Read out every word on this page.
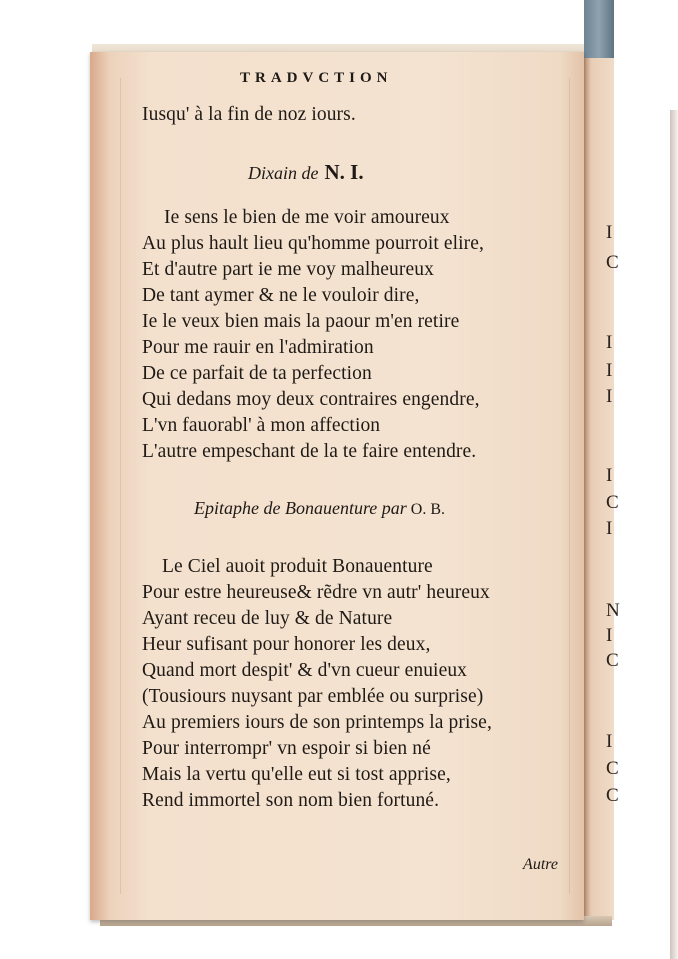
I
C
I
I
I
I
C
I
N
I
C
I
C
C
TRADVCTION
Iusqu' à la fin de noz iours.
Dixain de N. I.
Ie sens le bien de me voir amoureux
Au plus hault lieu qu'homme pourroit elire,
Et d'autre part ie me voy malheureux
De tant aymer & ne le vouloir dire,
Ie le veux bien mais la paour m'en retire
Pour me rauir en l'admiration
De ce parfait de ta perfection
Qui dedans moy deux contraires engendre,
L'vn fauorabl' à mon affection
L'autre empeschant de la te faire entendre.
Epitaphe de Bonauenture par O. B.
Le Ciel auoit produit Bonauenture
Pour estre heureuse& rẽdre vn autr' heureux
Ayant receu de luy & de Nature
Heur sufisant pour honorer les deux,
Quand mort despit' & d'vn cueur enuieux
(Tousiours nuysant par emblée ou surprise)
Au premiers iours de son printemps la prise,
Pour interrompr' vn espoir si bien né
Mais la vertu qu'elle eut si tost apprise,
Rend immortel son nom bien fortuné.
Autre
